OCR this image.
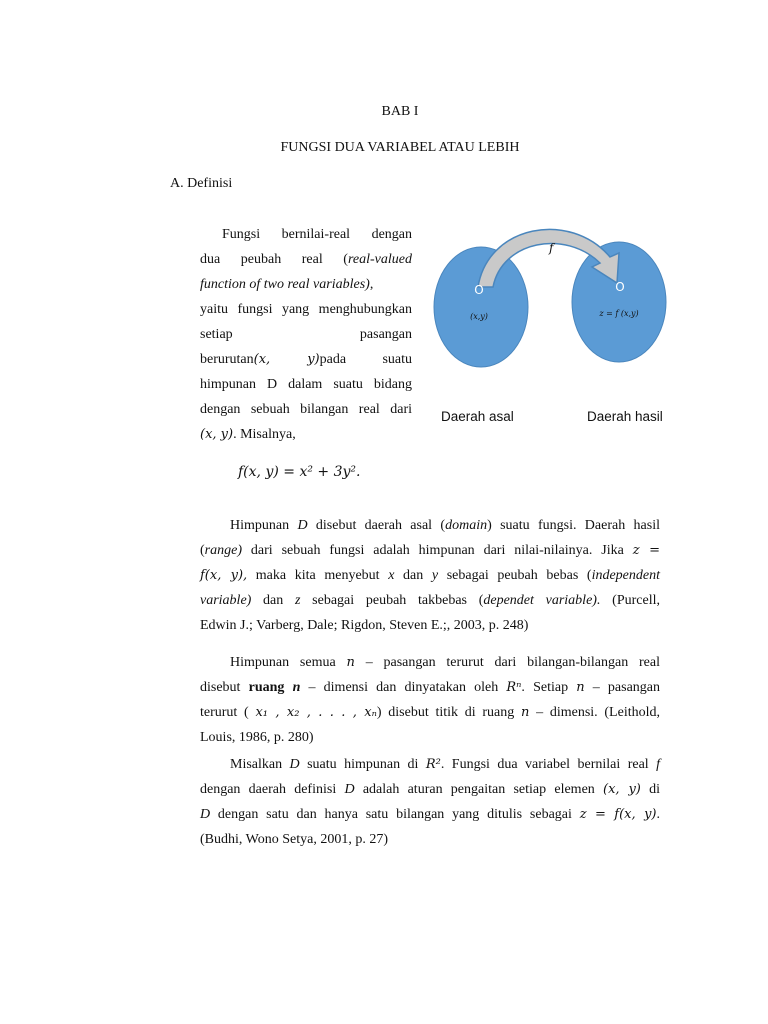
BAB I
FUNGSI DUA VARIABEL ATAU LEBIH
A. Definisi
Fungsi bernilai-real dengan
dua peubah real (real-valued
function of two real variables),
yaitu fungsi yang menghubungkan
setiap	pasangan
berurutan(x, y)pada	suatu
himpunan D dalam suatu bidang
dengan sebuah bilangan real dari
(x, y). Misalnya,
f(x, y) = x² + 3y².
f
O
(x,y)
O
z = f (x,y)
Daerah asal	Daerah hasil
Himpunan D disebut daerah asal (domain) suatu fungsi. Daerah hasil
(range) dari sebuah fungsi adalah himpunan dari nilai-nilainya. Jika z =
f(x, y), maka kita menyebut x dan y sebagai peubah bebas (independent
variable) dan z sebagai peubah takbebas (dependet variable). (Purcell,
Edwin J.; Varberg, Dale; Rigdon, Steven E.;, 2003, p. 248)
Himpunan semua n – pasangan terurut dari bilangan-bilangan real
disebut ruang n – dimensi dan dinyatakan oleh Rⁿ. Setiap n – pasangan
terurut ( x₁ , x₂ , . . . , xₙ) disebut titik di ruang n – dimensi. (Leithold,
Louis, 1986, p. 280)
Misalkan D suatu himpunan di R². Fungsi dua variabel bernilai real f
dengan daerah definisi D adalah aturan pengaitan setiap elemen (x, y) di
D dengan satu dan hanya satu bilangan yang ditulis sebagai z = f(x, y).
(Budhi, Wono Setya, 2001, p. 27)
